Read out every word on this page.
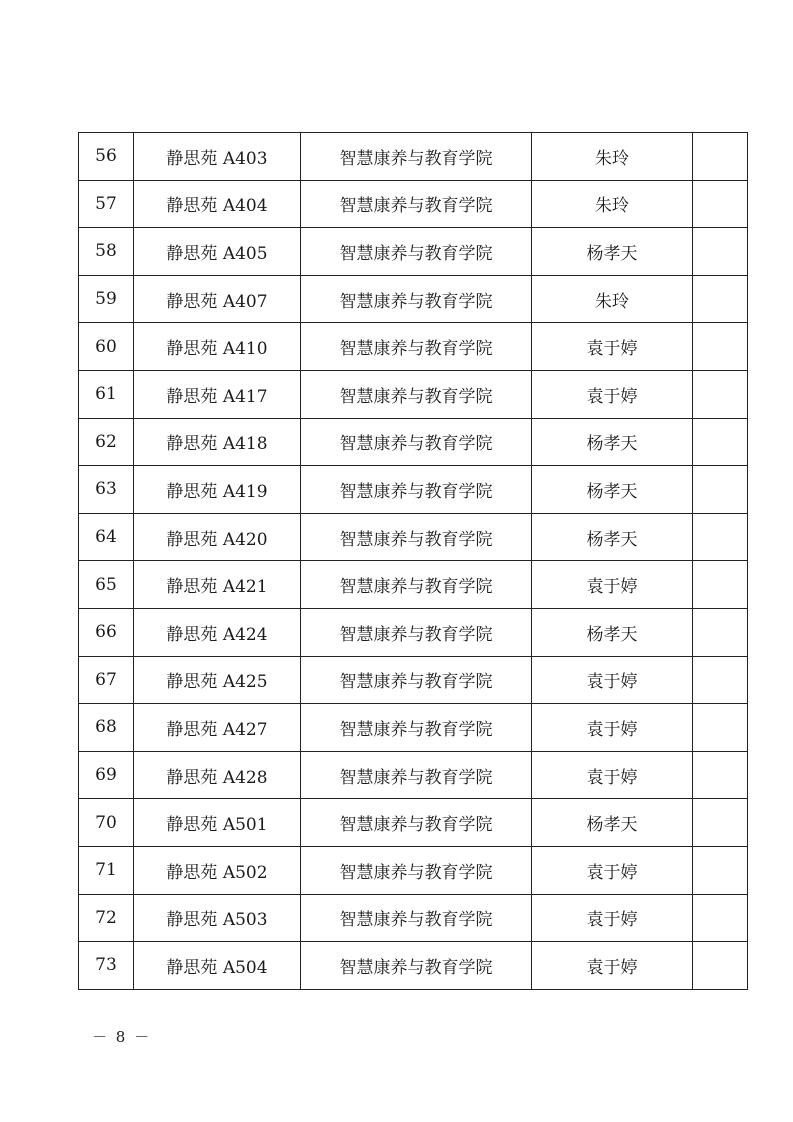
56	静思苑 A403	智慧康养与教育学院	朱玲	
57	静思苑 A404	智慧康养与教育学院	朱玲	
58	静思苑 A405	智慧康养与教育学院	杨孝天	
59	静思苑 A407	智慧康养与教育学院	朱玲	
60	静思苑 A410	智慧康养与教育学院	袁于婷	
61	静思苑 A417	智慧康养与教育学院	袁于婷	
62	静思苑 A418	智慧康养与教育学院	杨孝天	
63	静思苑 A419	智慧康养与教育学院	杨孝天	
64	静思苑 A420	智慧康养与教育学院	杨孝天	
65	静思苑 A421	智慧康养与教育学院	袁于婷	
66	静思苑 A424	智慧康养与教育学院	杨孝天	
67	静思苑 A425	智慧康养与教育学院	袁于婷	
68	静思苑 A427	智慧康养与教育学院	袁于婷	
69	静思苑 A428	智慧康养与教育学院	袁于婷	
70	静思苑 A501	智慧康养与教育学院	杨孝天	
71	静思苑 A502	智慧康养与教育学院	袁于婷	
72	静思苑 A503	智慧康养与教育学院	袁于婷	
73	静思苑 A504	智慧康养与教育学院	袁于婷	
－ 8 －
